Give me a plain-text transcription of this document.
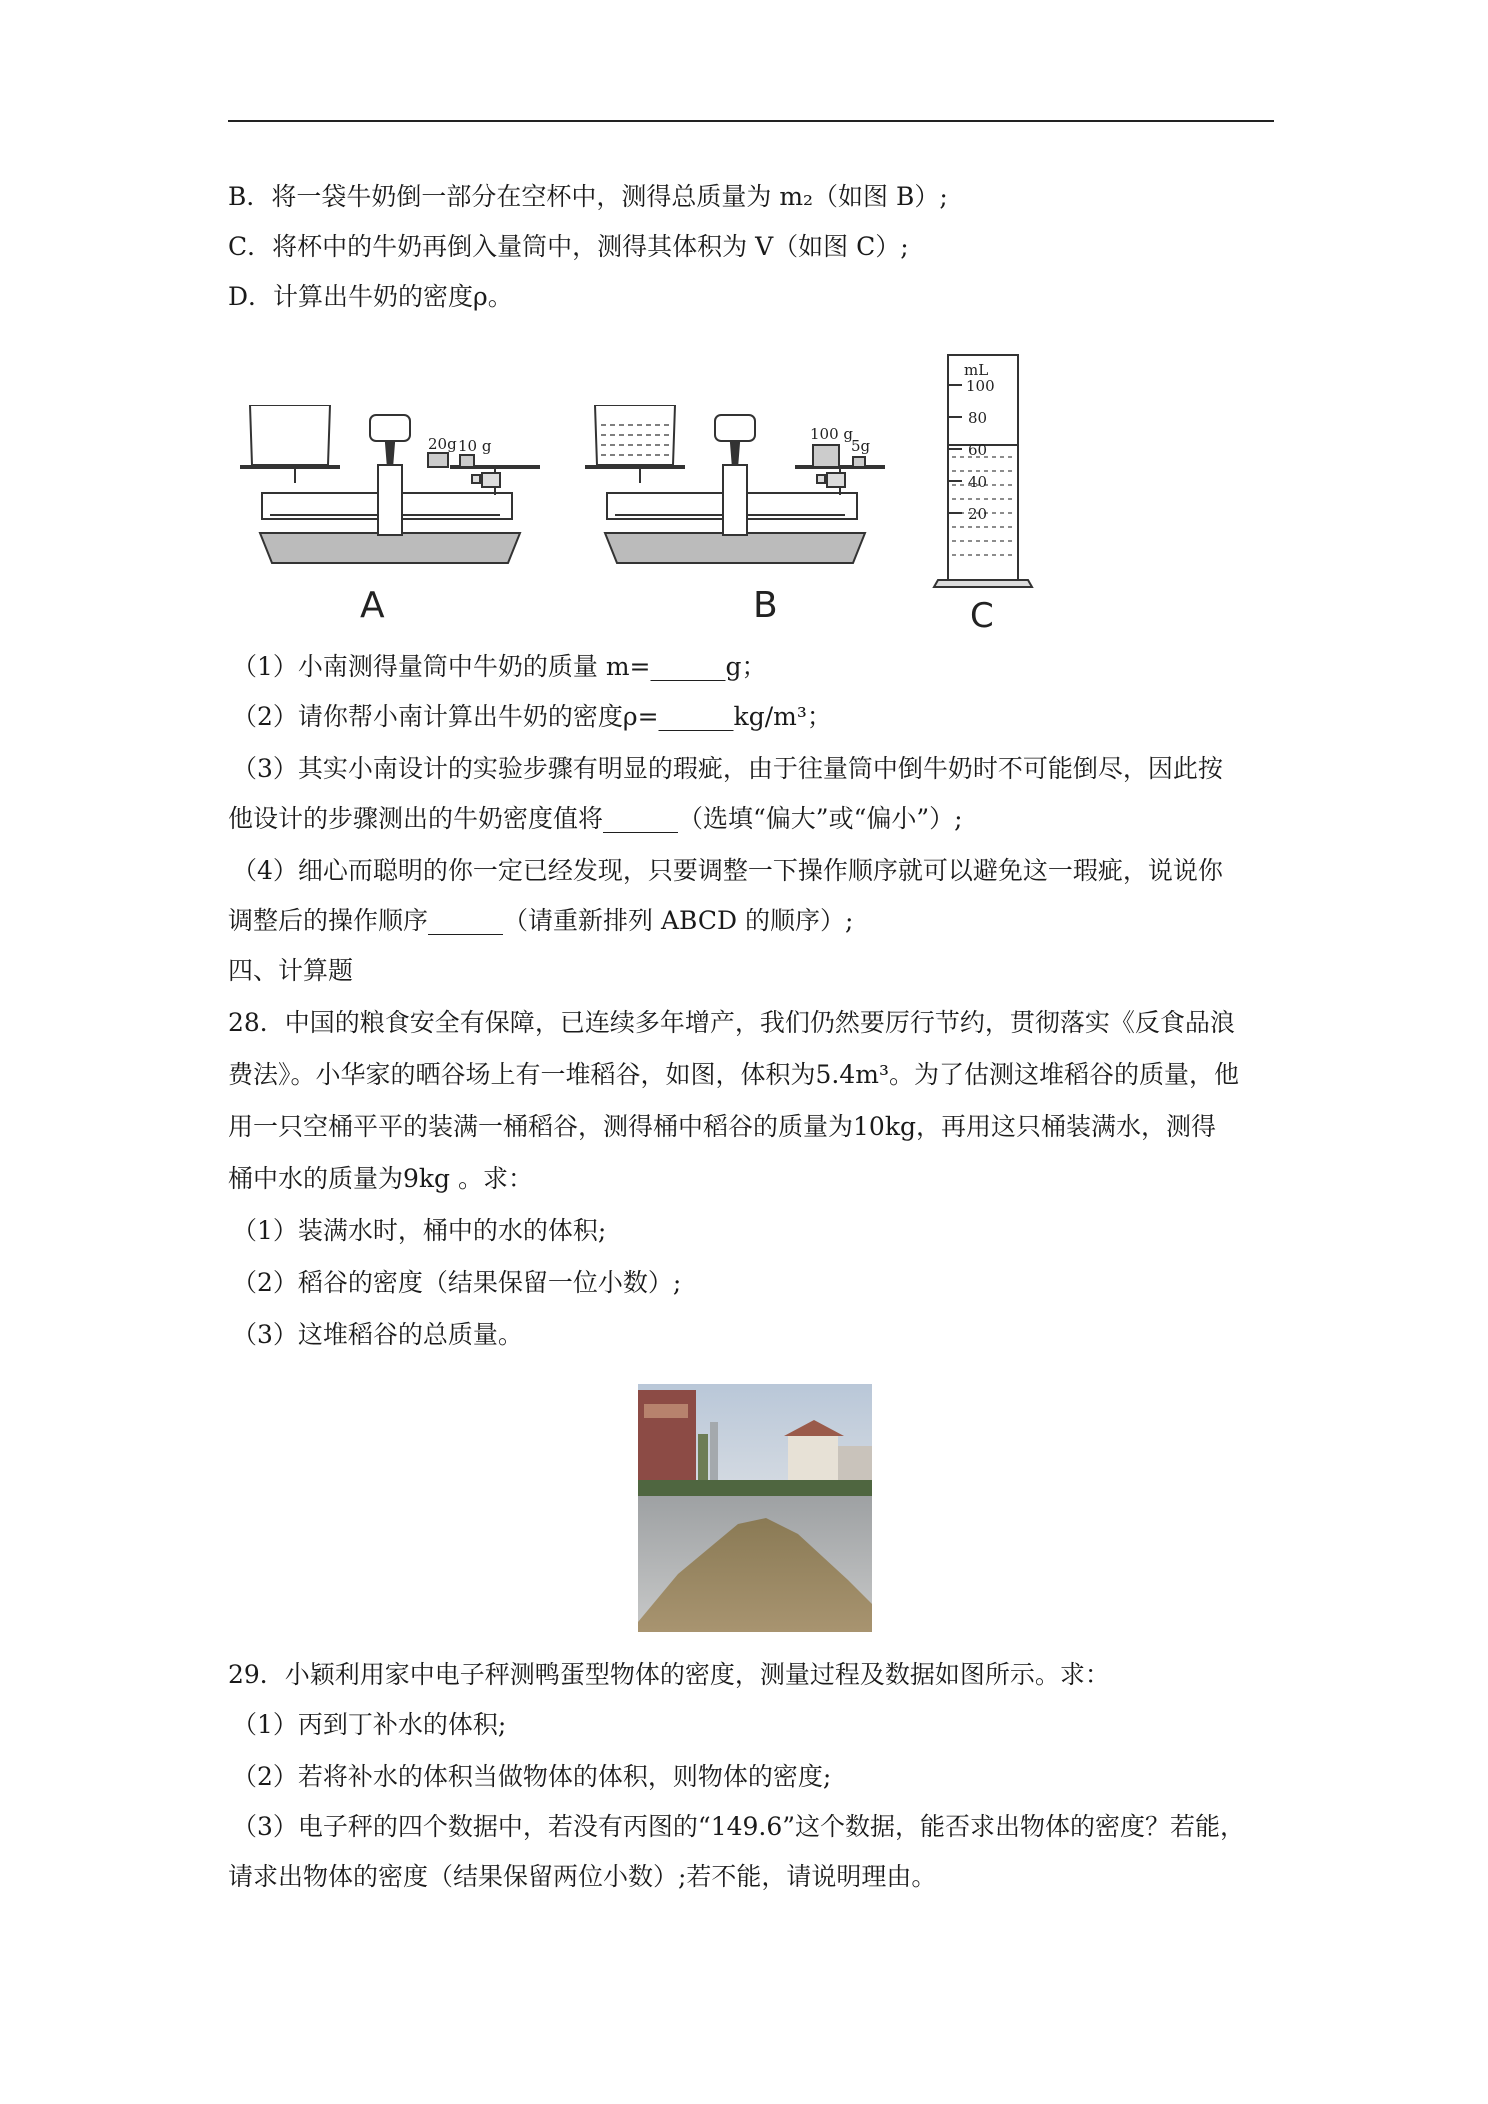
B．将一袋牛奶倒一部分在空杯中，测得总质量为 m₂（如图 B）;
C．将杯中的牛奶再倒入量筒中，测得其体积为 V（如图 C）;
D．计算出牛奶的密度ρ。
20g 10 g
A
100 g
5g
B
mL
100
80
60
40
20
C
（1）小南测得量筒中牛奶的质量 m=______g；
（2）请你帮小南计算出牛奶的密度ρ=______kg/m³；
（3）其实小南设计的实验步骤有明显的瑕疵，由于往量筒中倒牛奶时不可能倒尽，因此按
他设计的步骤测出的牛奶密度值将______（选填“偏大”或“偏小”）;
（4）细心而聪明的你一定已经发现，只要调整一下操作顺序就可以避免这一瑕疵，说说你
调整后的操作顺序______（请重新排列 ABCD 的顺序）;
四、计算题
28．中国的粮食安全有保障，已连续多年增产，我们仍然要厉行节约，贯彻落实《反食品浪
费法》。小华家的晒谷场上有一堆稻谷，如图，体积为5.4m³。为了估测这堆稻谷的质量，他
用一只空桶平平的装满一桶稻谷，测得桶中稻谷的质量为10kg，再用这只桶装满水，测得
桶中水的质量为9kg 。求：
（1）装满水时，桶中的水的体积;
（2）稻谷的密度（结果保留一位小数）;
（3）这堆稻谷的总质量。
29．小颖利用家中电子秤测鸭蛋型物体的密度，测量过程及数据如图所示。求：
（1）丙到丁补水的体积;
（2）若将补水的体积当做物体的体积，则物体的密度;
（3）电子秤的四个数据中，若没有丙图的“149.6”这个数据，能否求出物体的密度？若能，
请求出物体的密度（结果保留两位小数）;若不能，请说明理由。
